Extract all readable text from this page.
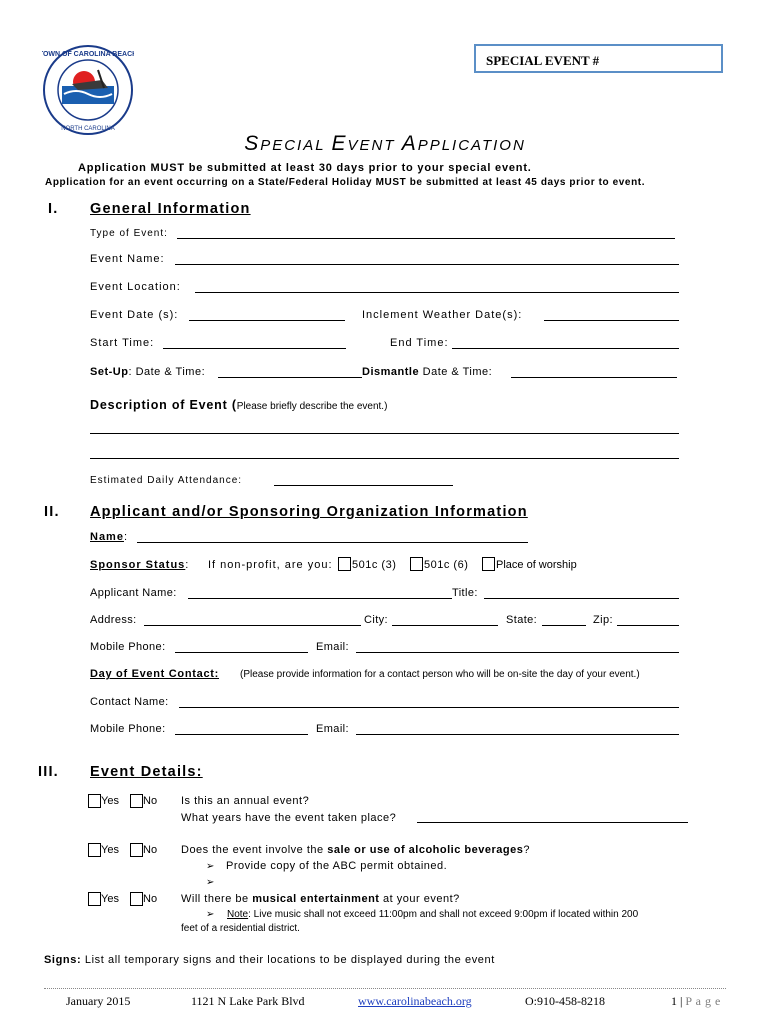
TOWN OF CAROLINA BEACH
NORTH CAROLINA
SPECIAL EVENT #
SPECIAL EVENT APPLICATION
Application MUST be submitted at least 30 days prior to your special event.
Application for an event occurring on a State/Federal Holiday MUST be submitted at least 45 days prior to event.
I. General Information
Type of Event:
Event Name:
Event Location:
Event Date (s):	Inclement Weather Date(s):
Start Time:	End Time:
Set-Up: Date & Time:	Dismantle Date & Time:
Description of Event (Please briefly describe the event.)
Estimated Daily Attendance:
II. Applicant and/or Sponsoring Organization Information
Name:
Sponsor Status: If non-profit, are you: 501c (3)	501c (6)	Place of worship
Applicant Name:	Title:
Address:	City:	State:	Zip:
Mobile Phone:	Email:
Day of Event Contact: (Please provide information for a contact person who will be on-site the day of your event.)
Contact Name:
Mobile Phone:	Email:
III. Event Details:
Yes No Is this an annual event?
What years have the event taken place?
Yes No Does the event involve the sale or use of alcoholic beverages?
➢ Provide copy of the ABC permit obtained.
➢
Yes No Will there be musical entertainment at your event?
➢ Note: Live music shall not exceed 11:00pm and shall not exceed 9:00pm if located within 200
feet of a residential district.
Signs: List all temporary signs and their locations to be displayed during the event
January 2015	1121 N Lake Park Blvd	www.carolinabeach.org	O:910-458-8218	1 | P a g e
